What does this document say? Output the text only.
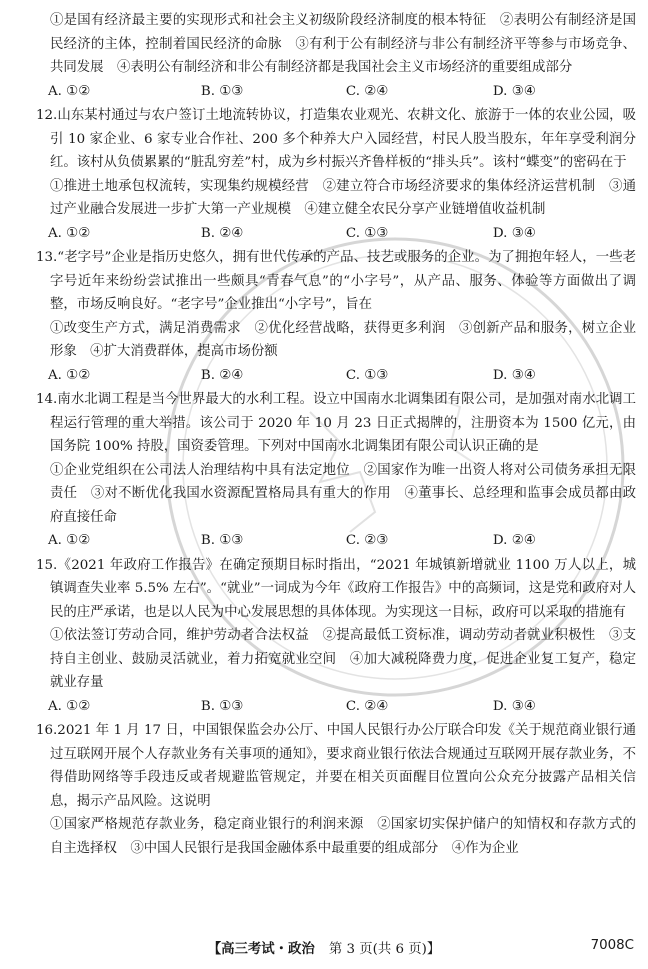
①是国有经济最主要的实现形式和社会主义初级阶段经济制度的根本特征　②表明公有制经济是国民经济的主体，控制着国民经济的命脉　③有利于公有制经济与非公有制经济平等参与市场竞争、共同发展　④表明公有制经济和非公有制经济都是我国社会主义市场经济的重要组成部分

A. ①②	B. ①③	C. ②④	D. ③④

12.山东某村通过与农户签订土地流转协议，打造集农业观光、农耕文化、旅游于一体的农业公园，吸引 10 家企业、6 家专业合作社、200 多个种养大户入园经营，村民人股当股东，年年享受利润分红。该村从负债累累的“脏乱穷差”村，成为乡村振兴齐鲁样板的“排头兵”。该村“蝶变”的密码在于

①推进土地承包权流转，实现集约规模经营　②建立符合市场经济要求的集体经济运营机制　③通过产业融合发展进一步扩大第一产业规模　④建立健全农民分享产业链增值收益机制

A. ①②	B. ②④	C. ①③	D. ③④

13.“老字号”企业是指历史悠久，拥有世代传承的产品、技艺或服务的企业。为了拥抱年轻人，一些老字号近年来纷纷尝试推出一些颇具“青春气息”的“小字号”，从产品、服务、体验等方面做出了调整，市场反响良好。“老字号”企业推出“小字号”，旨在

①改变生产方式，满足消费需求　②优化经营战略，获得更多利润　③创新产品和服务，树立企业形象　④扩大消费群体，提高市场份额

A. ①②	B. ②④	C. ①③	D. ③④

14.南水北调工程是当今世界最大的水利工程。设立中国南水北调集团有限公司，是加强对南水北调工程运行管理的重大举措。该公司于 2020 年 10 月 23 日正式揭牌的，注册资本为 1500 亿元，由国务院 100% 持股，国资委管理。下列对中国南水北调集团有限公司认识正确的是

①企业党组织在公司法人治理结构中具有法定地位　②国家作为唯一出资人将对公司债务承担无限责任　③对不断优化我国水资源配置格局具有重大的作用　④董事长、总经理和监事会成员都由政府直接任命

A. ①②	B. ①③	C. ②③	D. ②④

15.《2021 年政府工作报告》在确定预期目标时指出，“2021 年城镇新增就业 1100 万人以上，城镇调查失业率 5.5% 左右”。“就业”一词成为今年《政府工作报告》中的高频词，这是党和政府对人民的庄严承诺，也是以人民为中心发展思想的具体体现。为实现这一目标，政府可以采取的措施有

①依法签订劳动合同，维护劳动者合法权益　②提高最低工资标准，调动劳动者就业积极性　③支持自主创业、鼓励灵活就业，着力拓宽就业空间　④加大减税降费力度，促进企业复工复产，稳定就业存量

A. ①②	B. ①③	C. ②④	D. ③④

16.2021 年 1 月 17 日，中国银保监会办公厅、中国人民银行办公厅联合印发《关于规范商业银行通过互联网开展个人存款业务有关事项的通知》，要求商业银行依法合规通过互联网开展存款业务，不得借助网络等手段违反或者规避监管规定，并要在相关页面醒目位置向公众充分披露产品相关信息，揭示产品风险。这说明

①国家严格规范存款业务，稳定商业银行的利润来源　②国家切实保护储户的知情权和存款方式的自主选择权　③中国人民银行是我国金融体系中最重要的组成部分　④作为企业

【高三考试・政治 第 3 页(共 6 页)】	7008C
